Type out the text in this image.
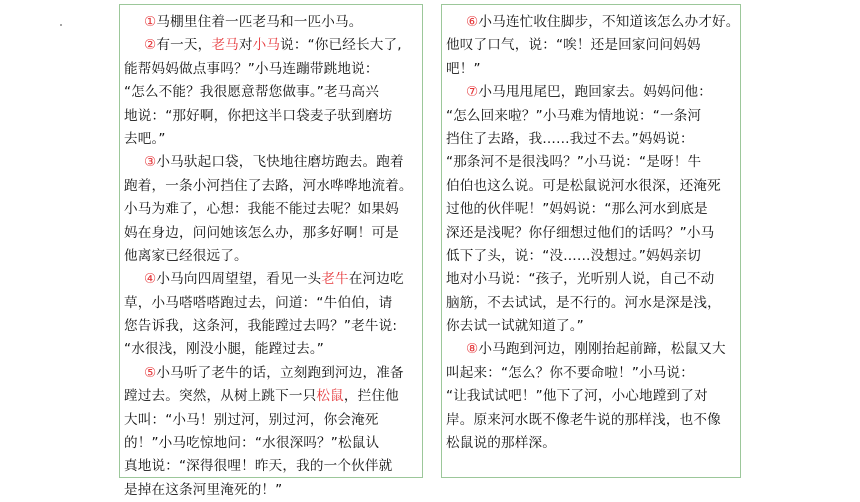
①马棚里住着一匹老马和一匹小马。
②有一天，老马对小马说：“你已经长大了,
能帮妈妈做点事吗？”小马连蹦带跳地说：
“怎么不能？我很愿意帮您做事。”老马高兴
地说：“那好啊，你把这半口袋麦子驮到磨坊
去吧。”
③小马驮起口袋，飞快地往磨坊跑去。跑着
跑着，一条小河挡住了去路，河水哗哗地流着。
小马为难了，心想：我能不能过去呢？如果妈
妈在身边，问问她该怎么办，那多好啊！可是
他离家已经很远了。
④小马向四周望望，看见一头老牛在河边吃
草，小马嗒嗒嗒跑过去，问道：“牛伯伯，请
您告诉我，这条河，我能蹚过去吗？”老牛说:
“水很浅，刚没小腿，能蹚过去。”
⑤小马听了老牛的话，立刻跑到河边，准备
蹚过去。突然，从树上跳下一只松鼠，拦住他
大叫：“小马！别过河，别过河，你会淹死
的！”小马吃惊地问：“水很深吗？”松鼠认
真地说：“深得很哩！昨天，我的一个伙伴就
是掉在这条河里淹死的！”
⑥小马连忙收住脚步，不知道该怎么办才好。
他叹了口气，说：“唉！还是回家问问妈妈
吧！”
⑦小马甩甩尾巴，跑回家去。妈妈问他：
“怎么回来啦？”小马难为情地说：“一条河
挡住了去路，我……我过不去。”妈妈说：
“那条河不是很浅吗？”小马说：“是呀！牛
伯伯也这么说。可是松鼠说河水很深，还淹死
过他的伙伴呢！”妈妈说：“那么河水到底是
深还是浅呢？你仔细想过他们的话吗？”小马
低下了头，说：“没……没想过。”妈妈亲切
地对小马说：“孩子，光听别人说，自己不动
脑筋，不去试试，是不行的。河水是深是浅，
你去试一试就知道了。”
⑧小马跑到河边，刚刚抬起前蹄，松鼠又大
叫起来：“怎么？你不要命啦！”小马说：
“让我试试吧！”他下了河，小心地蹚到了对
岸。原来河水既不像老牛说的那样浅，也不像
松鼠说的那样深。
